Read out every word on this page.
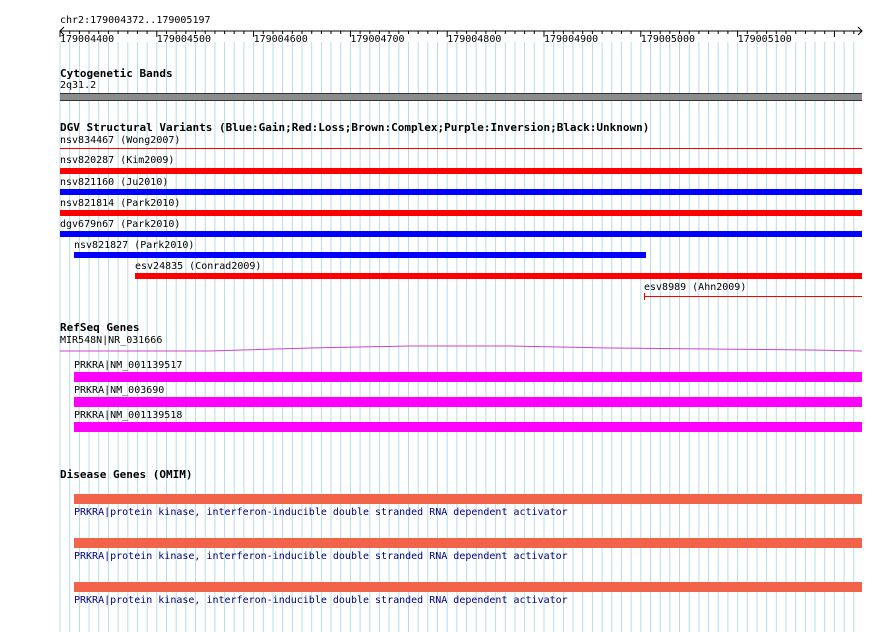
chr2:179004372..179005197
179004400	179004500	179004600	179004700	179004800	179004900	179005000	179005100
Cytogenetic Bands
2q31.2
DGV Structural Variants (Blue:Gain;Red:Loss;Brown:Complex;Purple:Inversion;Black:Unknown)
nsv834467 (Wong2007)
nsv820287 (Kim2009)
nsv821160 (Ju2010)
nsv821814 (Park2010)
dgv679n67 (Park2010)
nsv821827 (Park2010)
esv24835 (Conrad2009)
esv8989 (Ahn2009)
RefSeq Genes
MIR548N|NR_031666
PRKRA|NM_001139517
PRKRA|NM_003690
PRKRA|NM_001139518
Disease Genes (OMIM)
PRKRA|protein kinase, interferon-inducible double stranded RNA dependent activator
PRKRA|protein kinase, interferon-inducible double stranded RNA dependent activator
PRKRA|protein kinase, interferon-inducible double stranded RNA dependent activator
